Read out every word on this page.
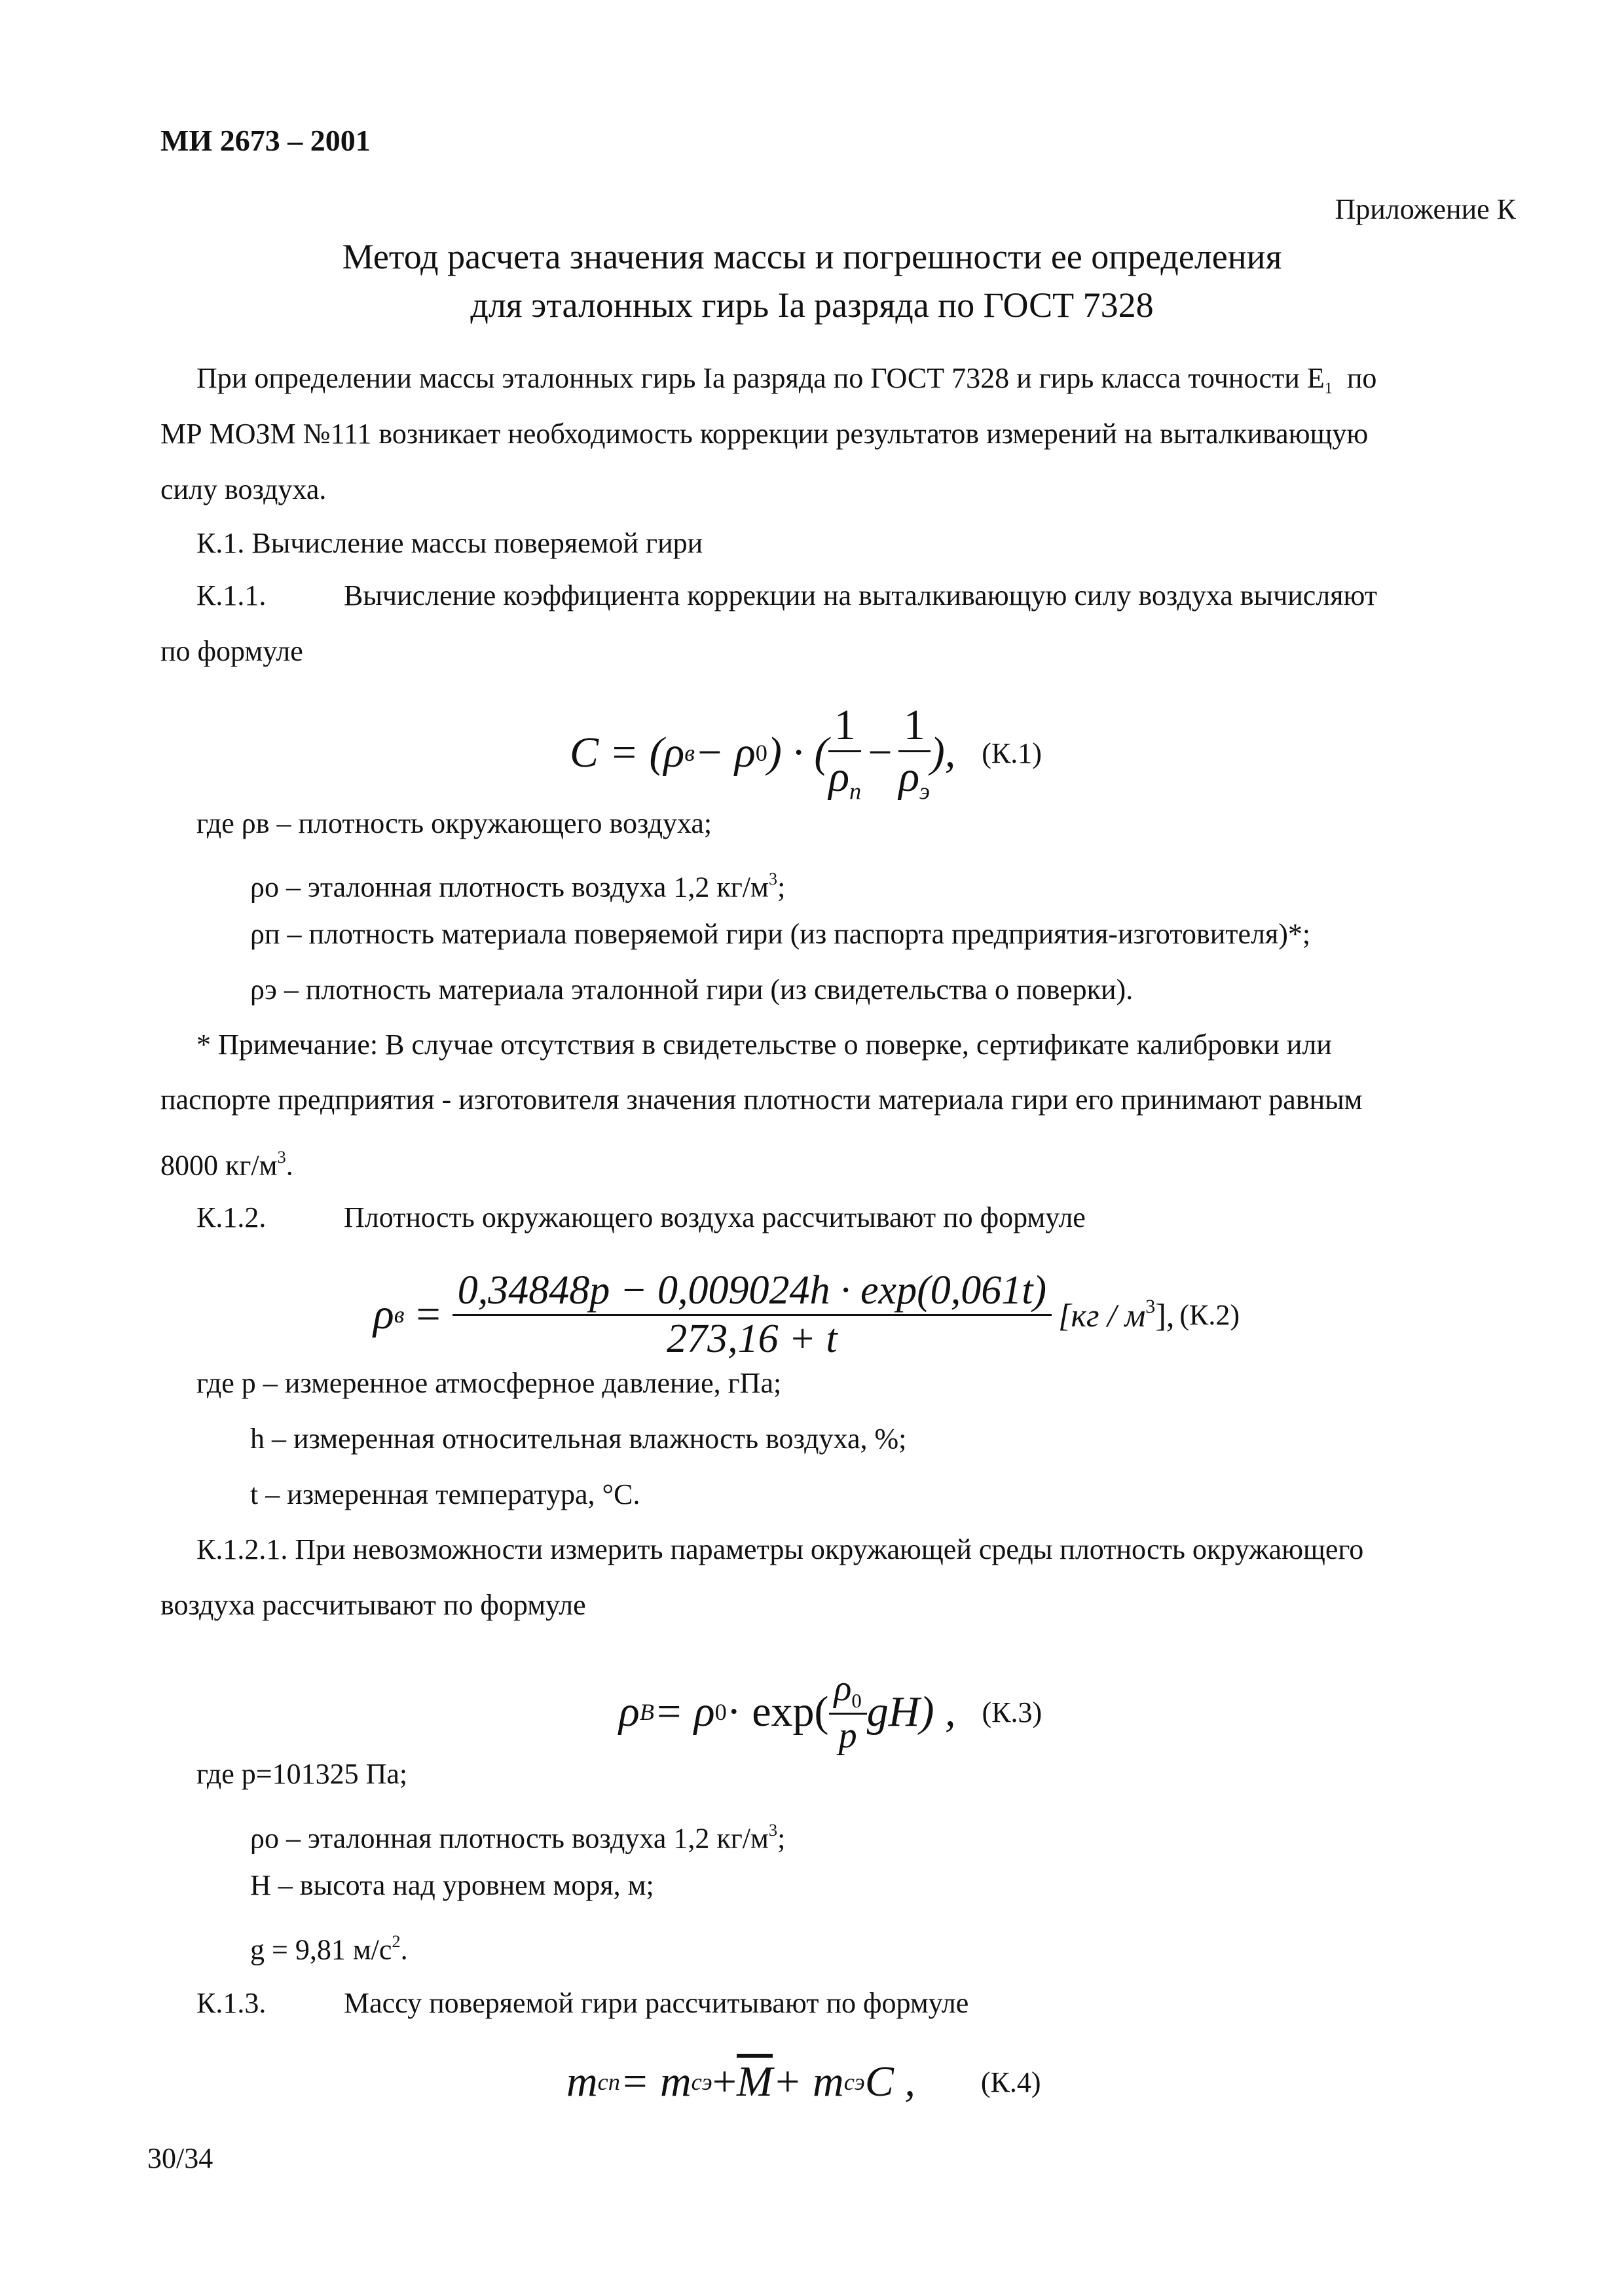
МИ 2673 – 2001
Приложение К
Метод расчета значения массы и погрешности ее определения
для эталонных гирь Ia разряда по ГОСТ 7328
При определении массы эталонных гирь Ia разряда по ГОСТ 7328 и гирь класса точности $E_1$ по
МР МОЗМ №111 возникает необходимость коррекции результатов измерений на выталкивающую
силу воздуха.
К.1. Вычисление массы поверяемой гири
К.1.1.	Вычисление коэффициента коррекции на выталкивающую силу воздуха вычисляют
по формуле
C = (ρ в − ρ 0 ) · ( $\frac{1}{\rho_п} - \frac{1}{\rho_э}$ ), (К.1)
где ρв – плотность окружающего воздуха;
ρо – эталонная плотность воздуха 1,2 $кг/м^3$;
ρп – плотность материала поверяемой гири (из паспорта предприятия-изготовителя)*;
ρэ – плотность материала эталонной гири (из свидетельства о поверки).
* Примечание: В случае отсутствия в свидетельстве о поверке, сертификате калибровки или
паспорте предприятия - изготовителя значения плотности материала гири его принимают равным
8000 $кг/м^3$.
К.1.2.	Плотность окружающего воздуха рассчитывают по формуле
ρ $в = \frac{0,34848p - 0,009024h \cdot \exp(0,061t)}{273,16 + t} [кг / м^3]$, (К.2)
где p – измеренное атмосферное давление, гПа;
h – измеренная относительная влажность воздуха, %;
t – измеренная температура, °С.
К.1.2.1. При невозможности измерить параметры окружающей среды плотность окружающего
воздуха рассчитывают по формуле
ρ В = ρ $0 \cdot \exp( \frac{\rho_0}{p} gH)$ , (К.3)
где p=101325 Па;
ρо – эталонная плотность воздуха 1,2 $кг/м^3$;
H – высота над уровнем моря, м;
g = 9,81 $м/с^2$.
К.1.3.	Массу поверяемой гири рассчитывают по формуле
m сп = m сэ + $\overline{M} + m$ сэ C , (К.4)
30/34
